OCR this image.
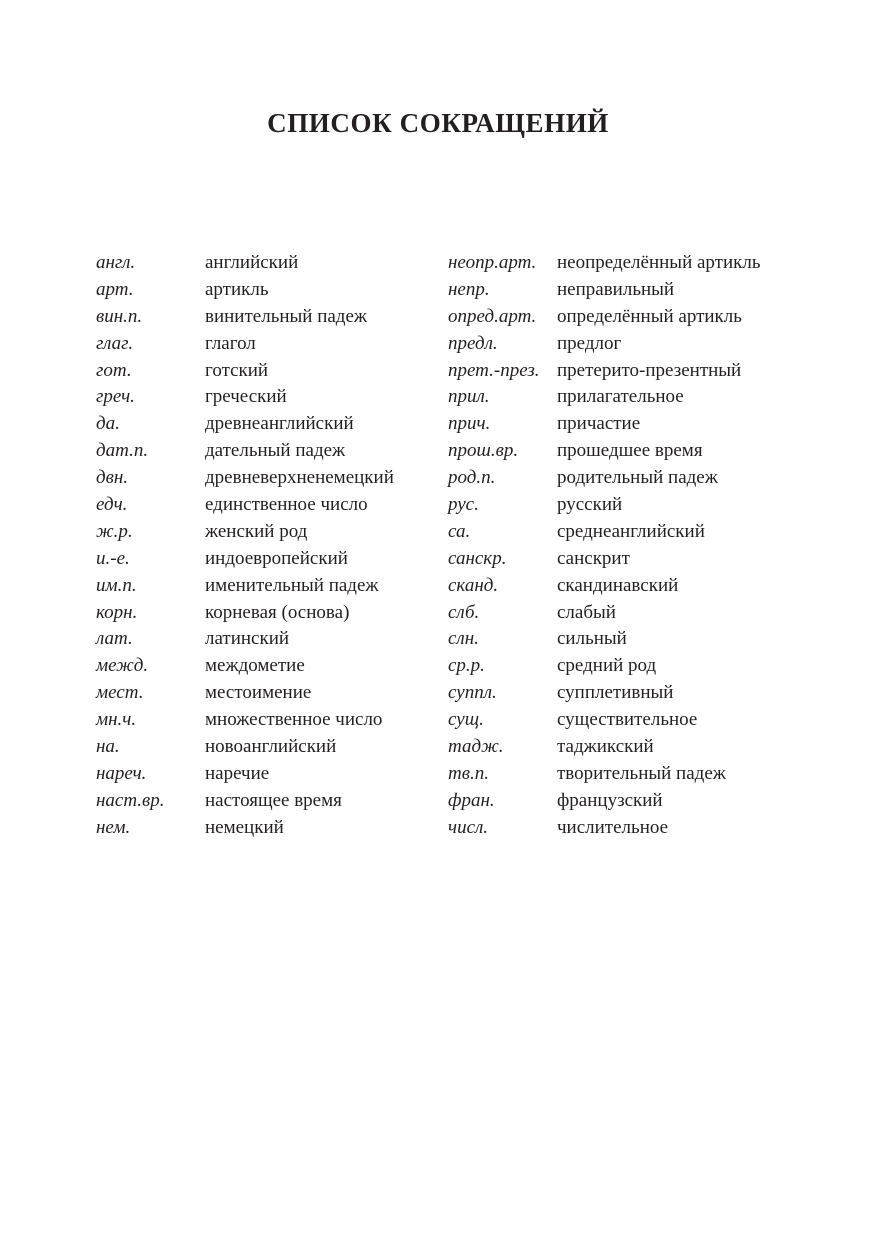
СПИСОК СОКРАЩЕНИЙ
англ.	английский
арт.	артикль
вин.п.	винительный падеж
глаг.	глагол
гот.	готский
греч.	греческий
да.	древнеанглийский
дат.п.	дательный падеж
двн.	древневерхненемецкий
едч.	единственное число
ж.р.	женский род
и.-е.	индоевропейский
им.п.	именительный падеж
корн.	корневая (основа)
лат.	латинский
межд.	междометие
мест.	местоимение
мн.ч.	множественное число
на.	новоанглийский
нареч.	наречие
наст.вр.	настоящее время
нем.	немецкий
неопр.арт.	неопределённый артикль
непр.	неправильный
опред.арт.	определённый артикль
предл.	предлог
прет.-през. претерито-презентный
прил.	прилагательное
прич.	причастие
прош.вр.	прошедшее время
род.п.	родительный падеж
рус.	русский
са.	среднеанглийский
санскр.	санскрит
сканд.	скандинавский
слб.	слабый
слн.	сильный
ср.р.	средний род
суппл.	супплетивный
сущ.	существительное
тадж.	таджикский
тв.п.	творительный падеж
фран.	французский
числ.	числительное
